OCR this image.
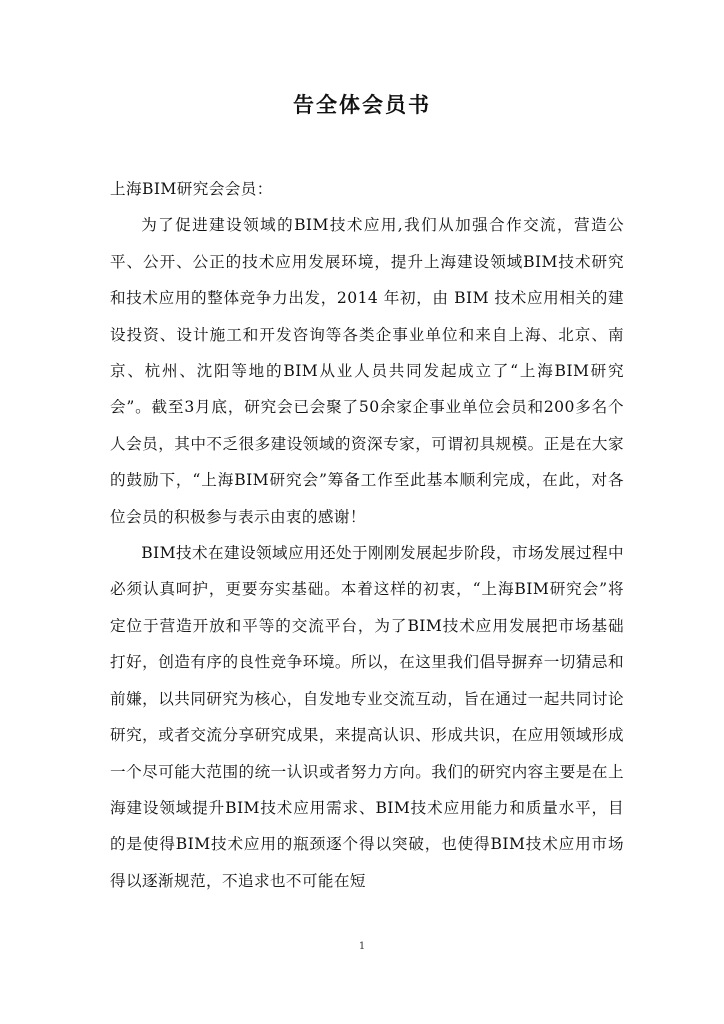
告全体会员书

上海BIM研究会会员：

为了促进建设领域的BIM技术应用,我们从加强合作交流，营造公平、公开、公正的技术应用发展环境，提升上海建设领域BIM技术研究和技术应用的整体竞争力出发，2014 年初，由 BIM 技术应用相关的建设投资、设计施工和开发咨询等各类企事业单位和来自上海、北京、南京、杭州、沈阳等地的BIM从业人员共同发起成立了“上海BIM研究会”。截至3月底，研究会已会聚了50余家企事业单位会员和200多名个人会员，其中不乏很多建设领域的资深专家，可谓初具规模。正是在大家的鼓励下，“上海BIM研究会”筹备工作至此基本顺利完成，在此，对各位会员的积极参与表示由衷的感谢！

BIM技术在建设领域应用还处于刚刚发展起步阶段，市场发展过程中必须认真呵护，更要夯实基础。本着这样的初衷，“上海BIM研究会”将定位于营造开放和平等的交流平台，为了BIM技术应用发展把市场基础打好，创造有序的良性竞争环境。所以，在这里我们倡导摒弃一切猜忌和前嫌，以共同研究为核心，自发地专业交流互动，旨在通过一起共同讨论研究，或者交流分享研究成果，来提高认识、形成共识，在应用领域形成一个尽可能大范围的统一认识或者努力方向。我们的研究内容主要是在上海建设领域提升BIM技术应用需求、BIM技术应用能力和质量水平，目的是使得BIM技术应用的瓶颈逐个得以突破，也使得BIM技术应用市场得以逐渐规范，不追求也不可能在短

1
